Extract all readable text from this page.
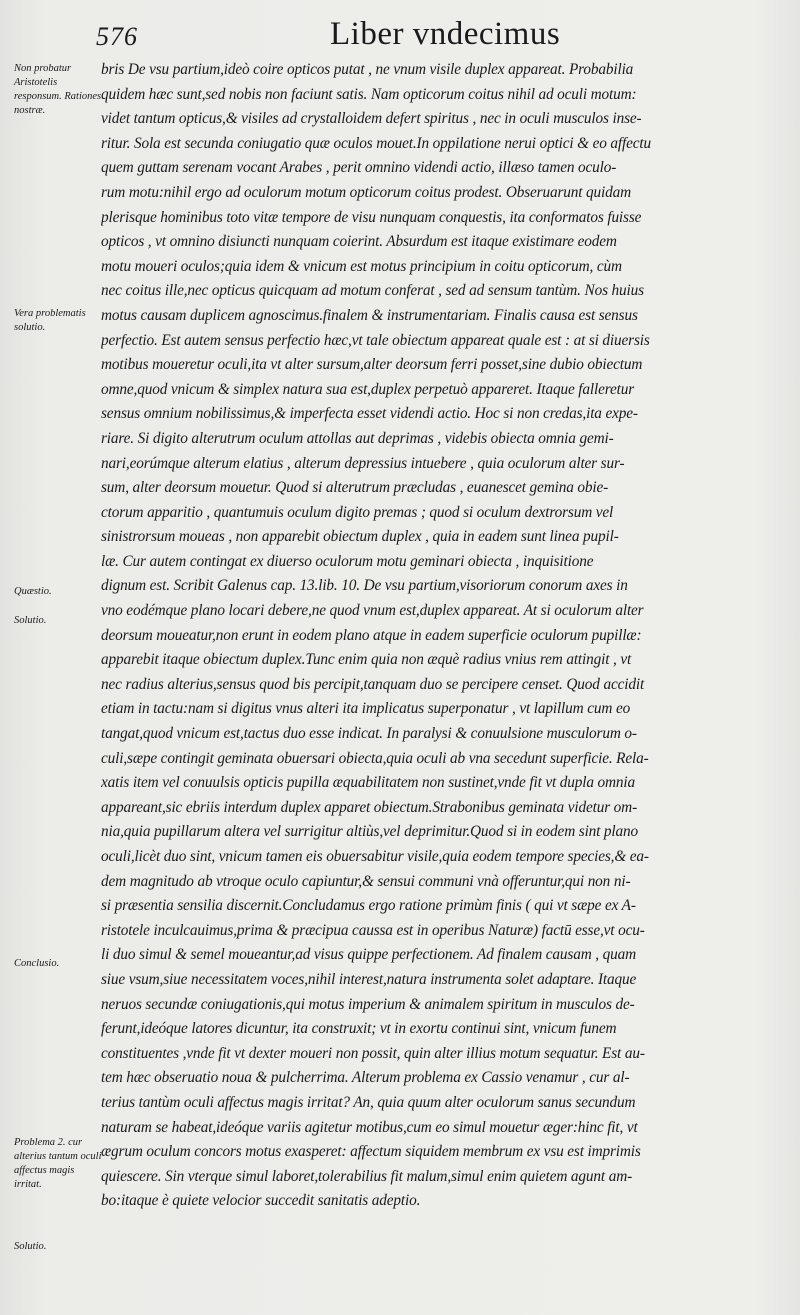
576	Liber vndecimus
Non probatur Aristotelis responsum. Rationes nostræ.
Vera problematis solutio.
Quæstio.
Solutio.
Conclusio.
Problema 2. cur alterius tantum oculi affectus magis irritat.
Solutio.
bris De vsu partium,ideò coire opticos putat , ne vnum visile duplex appareat. Probabilia
quidem hæc sunt,sed nobis non faciunt satis. Nam opticorum coitus nihil ad oculi motum:
videt tantum opticus,& visiles ad crystalloidem defert spiritus , nec in oculi musculos inse-
ritur. Sola est secunda coniugatio quæ oculos mouet.In oppilatione nerui optici & eo affectu
quem guttam serenam vocant Arabes , perit omnino videndi actio, illæso tamen oculo-
rum motu:nihil ergo ad oculorum motum opticorum coitus prodest. Obseruarunt quidam
plerisque hominibus toto vitæ tempore de visu nunquam conquestis, ita conformatos fuisse
opticos , vt omnino disiuncti nunquam coierint. Absurdum est itaque existimare eodem
motu moueri oculos;quia idem & vnicum est motus principium in coitu opticorum, cùm
nec coitus ille,nec opticus quicquam ad motum conferat , sed ad sensum tantùm. Nos huius
motus causam duplicem agnoscimus.finalem & instrumentariam. Finalis causa est sensus
perfectio. Est autem sensus perfectio hæc,vt tale obiectum appareat quale est : at si diuersis
motibus moueretur oculi,ita vt alter sursum,alter deorsum ferri posset,sine dubio obiectum
omne,quod vnicum & simplex natura sua est,duplex perpetuò appareret. Itaque falleretur
sensus omnium nobilissimus,& imperfecta esset videndi actio. Hoc si non credas,ita expe-
riare. Si digito alterutrum oculum attollas aut deprimas , videbis obiecta omnia gemi-
nari,eorúmque alterum elatius , alterum depressius intuebere , quia oculorum alter sur-
sum, alter deorsum mouetur. Quod si alterutrum præcludas , euanescet gemina obie-
ctorum apparitio , quantumuis oculum digito premas ; quod si oculum dextrorsum vel
sinistrorsum moueas , non apparebit obiectum duplex , quia in eadem sunt linea pupil-
læ. Cur autem contingat ex diuerso oculorum motu geminari obiecta , inquisitione
dignum est. Scribit Galenus cap. 13.lib. 10. De vsu partium,visoriorum conorum axes in
vno eodémque plano locari debere,ne quod vnum est,duplex appareat. At si oculorum alter
deorsum moueatur,non erunt in eodem plano atque in eadem superficie oculorum pupillæ:
apparebit itaque obiectum duplex.Tunc enim quia non æquè radius vnius rem attingit , vt
nec radius alterius,sensus quod bis percipit,tanquam duo se percipere censet. Quod accidit
etiam in tactu:nam si digitus vnus alteri ita implicatus superponatur , vt lapillum cum eo
tangat,quod vnicum est,tactus duo esse indicat. In paralysi & conuulsione musculorum o-
culi,sæpe contingit geminata obuersari obiecta,quia oculi ab vna secedunt superficie. Rela-
xatis item vel conuulsis opticis pupilla æquabilitatem non sustinet,vnde fit vt dupla omnia
appareant,sic ebriis interdum duplex apparet obiectum.Strabonibus geminata videtur om-
nia,quia pupillarum altera vel surrigitur altiùs,vel deprimitur.Quod si in eodem sint plano
oculi,licèt duo sint, vnicum tamen eis obuersabitur visile,quia eodem tempore species,& ea-
dem magnitudo ab vtroque oculo capiuntur,& sensui communi vnà offeruntur,qui non ni-
si præsentia sensilia discernit.Concludamus ergo ratione primùm finis ( qui vt sæpe ex A-
ristotele inculcauimus,prima & præcipua caussa est in operibus Naturæ) factū esse,vt ocu-
li duo simul & semel moueantur,ad visus quippe perfectionem. Ad finalem causam , quam
siue vsum,siue necessitatem voces,nihil interest,natura instrumenta solet adaptare. Itaque
neruos secundæ coniugationis,qui motus imperium & animalem spiritum in musculos de-
ferunt,ideóque latores dicuntur, ita construxit; vt in exortu continui sint, vnicum funem
constituentes ,vnde fit vt dexter moueri non possit, quin alter illius motum sequatur. Est au-
tem hæc obseruatio noua & pulcherrima. Alterum problema ex Cassio venamur , cur al-
terius tantùm oculi affectus magis irritat? An, quia quum alter oculorum sanus secundum
naturam se habeat,ideóque variis agitetur motibus,cum eo simul mouetur æger:hinc fit, vt
ægrum oculum concors motus exasperet: affectum siquidem membrum ex vsu est imprimis
quiescere. Sin vterque simul laboret,tolerabilius fit malum,simul enim quietem agunt am-
bo:itaque è quiete velocior succedit sanitatis adeptio.
